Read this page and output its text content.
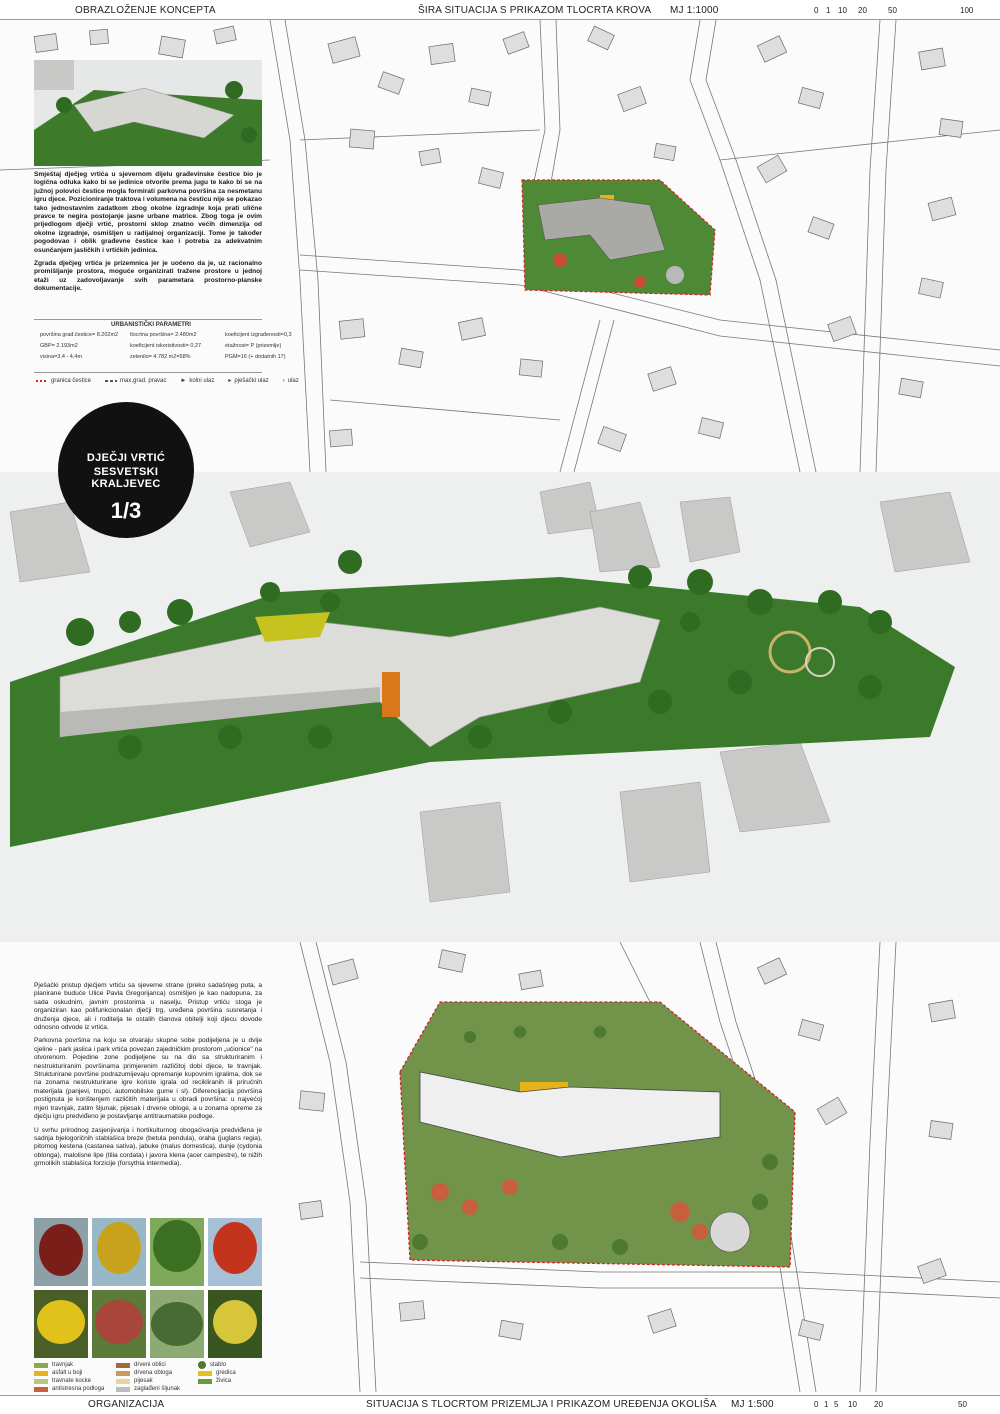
OBRAZLOŽENJE KONCEPTA	ŠIRA SITUACIJA S PRIKAZOM TLOCRTA KROVA MJ 1:1000	0 1 10 20	50	100

Smještaj dječjeg vrtića u sjevernom dijelu građevinske čestice bio je logična odluka kako bi se jedinice otvorile prema jugu te kako bi se na južnoj polovici čestice mogla formirati parkovna površina za nesmetanu igru djece. Pozicioniranje traktova i volumena na česticu nije se pokazao tako jednostavnim zadatkom zbog okolne izgradnje koja prati ulične pravce te negira postojanje jasne urbane matrice. Zbog toga je ovim prijedlogom dječji vrtić, prostorni sklop znatno većih dimenzija od okolne izgradnje, osmišljen u radijalnoj organizaciji. Tome je također pogodovao i oblik građevne čestice kao i potreba za adekvatnim osunčanjem jasličkih i vrtićkih jedinica.

Zgrada dječjeg vrtića je prizemnica jer je uočeno da je, uz racionalno promišljanje prostora, moguće organizirati tražene prostore u jednoj etaži uz zadovoljavanje svih parametara prostorno-planske dokumentacije.

URBANISTIČKI PARAMETRI
površina građ.čestice= 8.202m2	tlocrtna površina= 2.480m2	koeficijent izgrađenosti=0,3
GBP= 2.193m2	koeficijent iskoristivosti= 0,27	etažnost= P (prizemlje)
visina=3,4 - 4,4m	zelenilo= 4.782 m2=58%	PGM=16 (+ dodatnih 17)
granica čestice	max.grad. pravac ► kolni ulaz ▸ pješački ulaz › ulaz
DJEČJI VRTIĆ
SESVETSKI KRALJEVEC
1/3

Pješački pristup dječjem vrtiću sa sjeverne strane (preko sadašnjeg puta, a planirane buduće Ulice Pavla Gregorijanca) osmišljen je kao nadopuna, za sada oskudnim, javnim prostorima u naselju. Pristup vrtiću stoga je organiziran kao polifunkcionalan dječji trg, uređena površina susretanja i druženja djece, ali i roditelja te ostalih članova obitelji koji djecu dovode odnosno odvode iz vrtića.

Parkovna površina na koju se otvaraju skupne sobe podijeljena je u dvije cjeline - park jaslica i park vrtića povezan zajedničkim prostorom „učionice" na otvorenom. Pojedine zone podijeljene su na dio sa strukturiranim i nestrukturiranim površinama primjerenim različitoj dobi djece, te travnjak. Strukturirane površine podrazumijevaju opremanje kupovnim igralima, dok se na zonama nestrukturirane igre koriste igrala od recikliranih ili priručnih materijala (panjevi, trupci, automobilske gume i sl). Diferencijacija površina postignuta je korištenjem različitih materijala u obradi površina: u najvećoj mjeri travnjak, zatim šljunak, pijesak i drvene obloge, a u zonama opreme za dječju igru predviđeno je postavljanje antitraumatske podloge.

U svrhu prirodnog zasjenjivanja i hortikulturnog obogaćivanja predviđena je sadnja bjelogoričnih stablašica breze (betula pendula), oraha (juglans regia), pitomog kestena (castanea sativa), jabuke (malus domestica), dunje (cydonia oblonga), malolisne lipe (tilia cordata) i javora klena (acer campestre), te nižih grmolikih stablašica forzicije (forsythia intermedia).

travnjak
asfalt u boji
travnate kocke
antistresna podloga
drveni oblici
drvena obloga
pijesak
zaglađeni šljunak
stablo
gredica
živica
ORGANIZACIJA	SITUACIJA S TLOCRTOM PRIZEMLJA I PRIKAZOM UREĐENJA OKOLIŠA MJ 1:500	0 1 5 10 20	50
